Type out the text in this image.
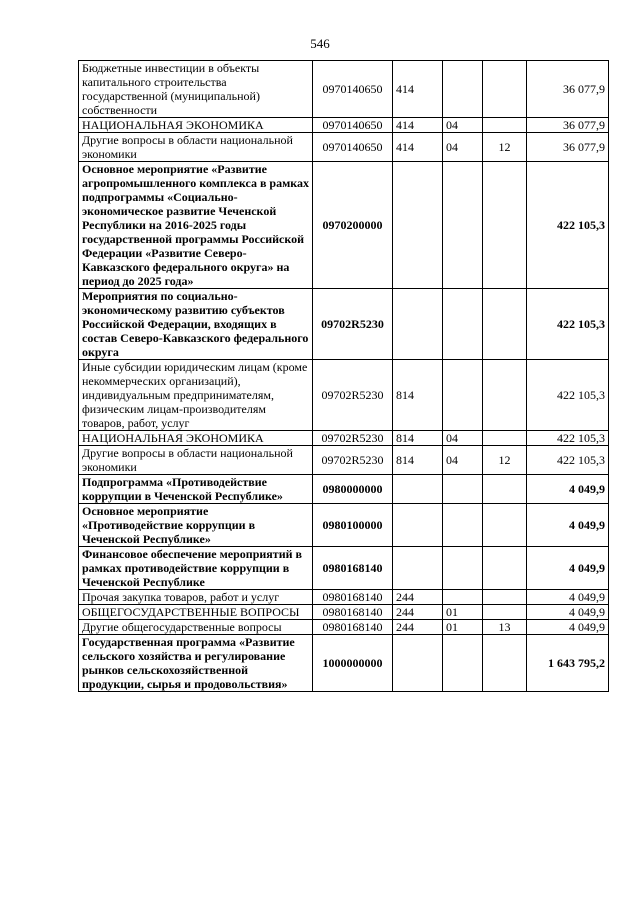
546
Бюджетные инвестиции в объекты капитального строительства государственной (муниципальной) собственности	0970140650	414			36 077,9
НАЦИОНАЛЬНАЯ ЭКОНОМИКА	0970140650	414	04		36 077,9
Другие вопросы в области национальной экономики	0970140650	414	04	12	36 077,9
Основное мероприятие «Развитие агропромышленного комплекса в рамках подпрограммы «Социально-экономическое развитие Чеченской Республики на 2016-2025 годы государственной программы Российской Федерации «Развитие Северо-Кавказского федерального округа» на период до 2025 года»	0970200000				422 105,3
Мероприятия по социально-экономическому развитию субъектов Российской Федерации, входящих в состав Северо-Кавказского федерального округа	09702R5230				422 105,3
Иные субсидии юридическим лицам (кроме некоммерческих организаций), индивидуальным предпринимателям, физическим лицам-производителям товаров, работ, услуг	09702R5230	814			422 105,3
НАЦИОНАЛЬНАЯ ЭКОНОМИКА	09702R5230	814	04		422 105,3
Другие вопросы в области национальной экономики	09702R5230	814	04	12	422 105,3
Подпрограмма «Противодействие коррупции в Чеченской Республике»	0980000000				4 049,9
Основное мероприятие «Противодействие коррупции в Чеченской Республике»	0980100000				4 049,9
Финансовое обеспечение мероприятий в рамках противодействие коррупции в Чеченской Республике	0980168140				4 049,9
Прочая закупка товаров, работ и услуг	0980168140	244			4 049,9
ОБЩЕГОСУДАРСТВЕННЫЕ ВОПРОСЫ	0980168140	244	01		4 049,9
Другие общегосударственные вопросы	0980168140	244	01	13	4 049,9
Государственная программа «Развитие сельского хозяйства и регулирование рынков сельскохозяйственной продукции, сырья и продовольствия»	1000000000				1 643 795,2
